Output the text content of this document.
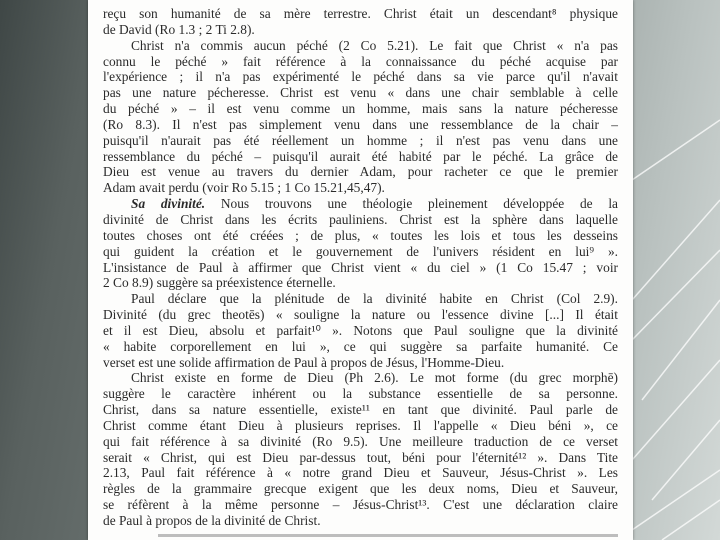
reçu son humanité de sa mère terrestre. Christ était un descendant⁸ physique
de David (Ro 1.3 ; 2 Ti 2.8).
Christ n'a commis aucun péché (2 Co 5.21). Le fait que Christ « n'a pas
connu le péché » fait référence à la connaissance du péché acquise par
l'expérience ; il n'a pas expérimenté le péché dans sa vie parce qu'il n'avait
pas une nature pécheresse. Christ est venu « dans une chair semblable à celle
du péché » – il est venu comme un homme, mais sans la nature pécheresse
(Ro 8.3). Il n'est pas simplement venu dans une ressemblance de la chair –
puisqu'il n'aurait pas été réellement un homme ; il n'est pas venu dans une
ressemblance du péché – puisqu'il aurait été habité par le péché. La grâce de
Dieu est venue au travers du dernier Adam, pour racheter ce que le premier
Adam avait perdu (voir Ro 5.15 ; 1 Co 15.21,45,47).
Sa divinité. Nous trouvons une théologie pleinement développée de la
divinité de Christ dans les écrits pauliniens. Christ est la sphère dans laquelle
toutes choses ont été créées ; de plus, « toutes les lois et tous les desseins
qui guident la création et le gouvernement de l'univers résident en lui⁹ ».
L'insistance de Paul à affirmer que Christ vient « du ciel » (1 Co 15.47 ; voir
2 Co 8.9) suggère sa préexistence éternelle.
Paul déclare que la plénitude de la divinité habite en Christ (Col 2.9).
Divinité (du grec theotēs) « souligne la nature ou l'essence divine [...] Il était
et il est Dieu, absolu et parfait¹⁰ ». Notons que Paul souligne que la divinité
« habite corporellement en lui », ce qui suggère sa parfaite humanité. Ce
verset est une solide affirmation de Paul à propos de Jésus, l'Homme-Dieu.
Christ existe en forme de Dieu (Ph 2.6). Le mot forme (du grec morphē)
suggère le caractère inhérent ou la substance essentielle de sa personne.
Christ, dans sa nature essentielle, existe¹¹ en tant que divinité. Paul parle de
Christ comme étant Dieu à plusieurs reprises. Il l'appelle « Dieu béni », ce
qui fait référence à sa divinité (Ro 9.5). Une meilleure traduction de ce verset
serait « Christ, qui est Dieu par-dessus tout, béni pour l'éternité¹² ». Dans Tite
2.13, Paul fait référence à « notre grand Dieu et Sauveur, Jésus-Christ ». Les
règles de la grammaire grecque exigent que les deux noms, Dieu et Sauveur,
se réfèrent à la même personne – Jésus-Christ¹³. C'est une déclaration claire
de Paul à propos de la divinité de Christ.
